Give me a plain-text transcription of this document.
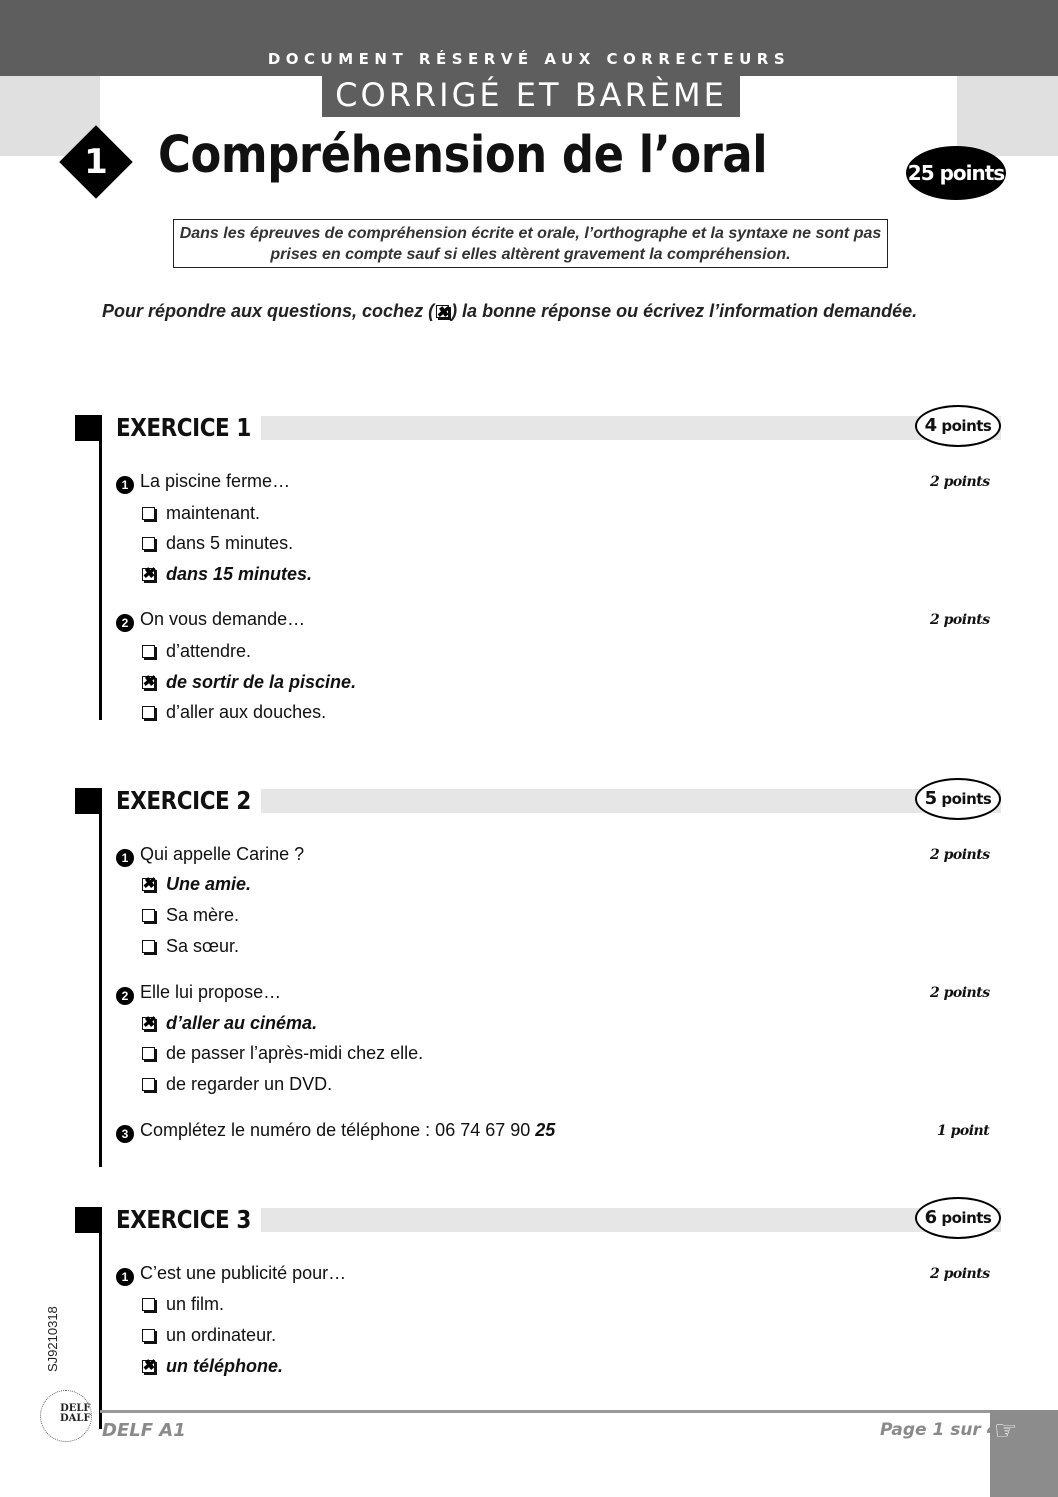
DOCUMENT RÉSERVÉ AUX CORRECTEURS
CORRIGÉ ET BARÈME
1 Compréhension de l’oral	25 points
Dans les épreuves de compréhension écrite et orale, l’orthographe et la syntaxe ne sont pas prises en compte sauf si elles altèrent gravement la compréhension.
Pour répondre aux questions, cochez (✖ ) la bonne réponse ou écrivez l’information demandée.
EXERCICE 1	4 points
1 La piscine ferme…	2 points
maintenant.
dans 5 minutes.
✖dans 15 minutes.
2 On vous demande…	2 points
d’attendre.
✖de sortir de la piscine.
d’aller aux douches.
EXERCICE 2	5 points
1 Qui appelle Carine ?	2 points
✖Une amie.
Sa mère.
Sa sœur.
2 Elle lui propose…	2 points
✖d’aller au cinéma.
de passer l’après-midi chez elle.
de regarder un DVD.
3 Complétez le numéro de téléphone : 06 74 67 90 25	1 point
EXERCICE 3	6 points
1 C’est une publicité pour…	2 points
un film.
un ordinateur.
✖un téléphone.
SJ9210318
DELF
DALF
DELF A1	Page 1 sur 4
☞
